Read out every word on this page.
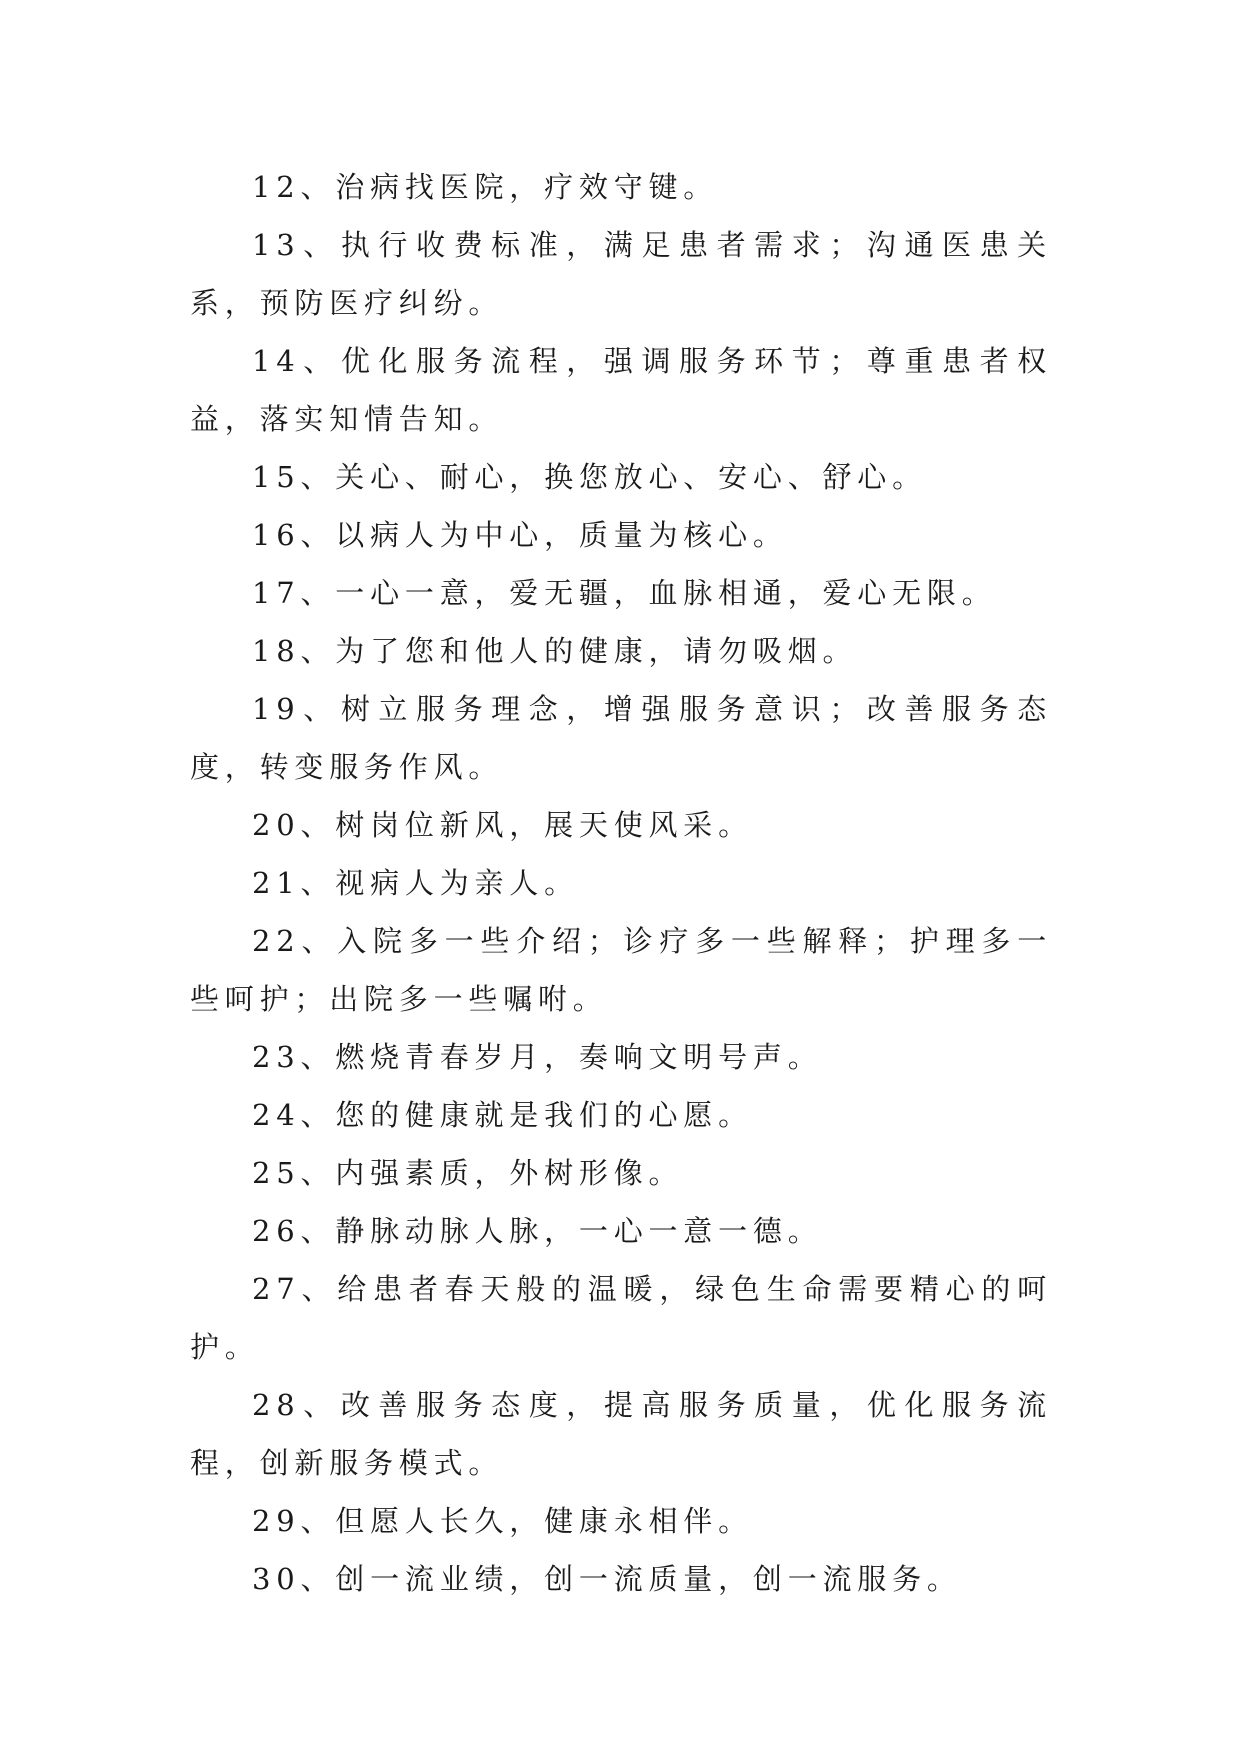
12、治病找医院，疗效守键。

13、执行收费标准，满足患者需求；沟通医患关系，预防医疗纠纷。

14、优化服务流程，强调服务环节；尊重患者权益，落实知情告知。

15、关心、耐心，换您放心、安心、舒心。

16、以病人为中心，质量为核心。

17、一心一意，爱无疆，血脉相通，爱心无限。

18、为了您和他人的健康，请勿吸烟。

19、树立服务理念，增强服务意识；改善服务态度，转变服务作风。

20、树岗位新风，展天使风采。

21、视病人为亲人。

22、入院多一些介绍；诊疗多一些解释；护理多一些呵护；出院多一些嘱咐。

23、燃烧青春岁月，奏响文明号声。

24、您的健康就是我们的心愿。

25、内强素质，外树形像。

26、静脉动脉人脉，一心一意一德。

27、给患者春天般的温暖，绿色生命需要精心的呵护。

28、改善服务态度，提高服务质量，优化服务流程，创新服务模式。

29、但愿人长久，健康永相伴。

30、创一流业绩，创一流质量，创一流服务。
